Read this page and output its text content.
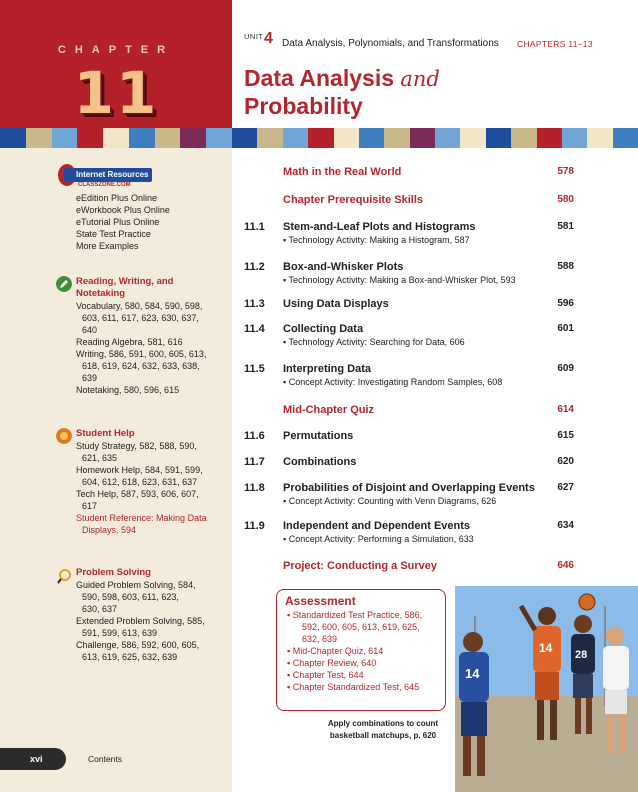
CHAPTER
11
Internet Resources
CLASSZONE.COM
eEdition Plus Online
eWorkbook Plus Online
eTutorial Plus Online
State Test Practice
More Examples
Reading, Writing, and
Notetaking
Vocabulary, 580, 584, 590, 598,
603, 611, 617, 623, 630, 637,
640
Reading Algebra, 581, 616
Writing, 586, 591, 600, 605, 613,
618, 619, 624, 632, 633, 638,
639
Notetaking, 580, 596, 615
Student Help
Study Strategy, 582, 588, 590,
621, 635
Homework Help, 584, 591, 599,
604, 612, 618, 623, 631, 637
Tech Help, 587, 593, 606, 607,
617
Student Reference: Making Data
Displays, 594
Problem Solving
Guided Problem Solving, 584,
590, 598, 603, 611, 623,
630, 637
Extended Problem Solving, 585,
591, 599, 613, 639
Challenge, 586, 592, 600, 605,
613, 619, 625, 632, 639
xvi	Contents
UNIT 4 Data Analysis, Polynomials, and Transformations CHAPTERS 11–13
Data Analysis and
Probability
Math in the Real World	578
Chapter Prerequisite Skills	580
11.1 Stem-and-Leaf Plots and Histograms	581
▪ Technology Activity: Making a Histogram, 587
11.2 Box-and-Whisker Plots	588
▪ Technology Activity: Making a Box-and-Whisker Plot, 593
11.3 Using Data Displays	596
11.4 Collecting Data	601
▪ Technology Activity: Searching for Data, 606
11.5 Interpreting Data	609
▪ Concept Activity: Investigating Random Samples, 608
Mid-Chapter Quiz	614
11.6 Permutations	615
11.7 Combinations	620
11.8 Probabilities of Disjoint and Overlapping Events	627
▪ Concept Activity: Counting with Venn Diagrams, 626
11.9 Independent and Dependent Events	634
▪ Concept Activity: Performing a Simulation, 633
Project: Conducting a Survey	646
Assessment
▪ Standardized Test Practice, 586,
592, 600, 605, 613, 619, 625,
632, 639
▪ Mid-Chapter Quiz, 614
▪ Chapter Review, 640
▪ Chapter Test, 644
▪ Chapter Standardized Test, 645
Apply combinations to count
basketball matchups, p. 620
14
14 28
